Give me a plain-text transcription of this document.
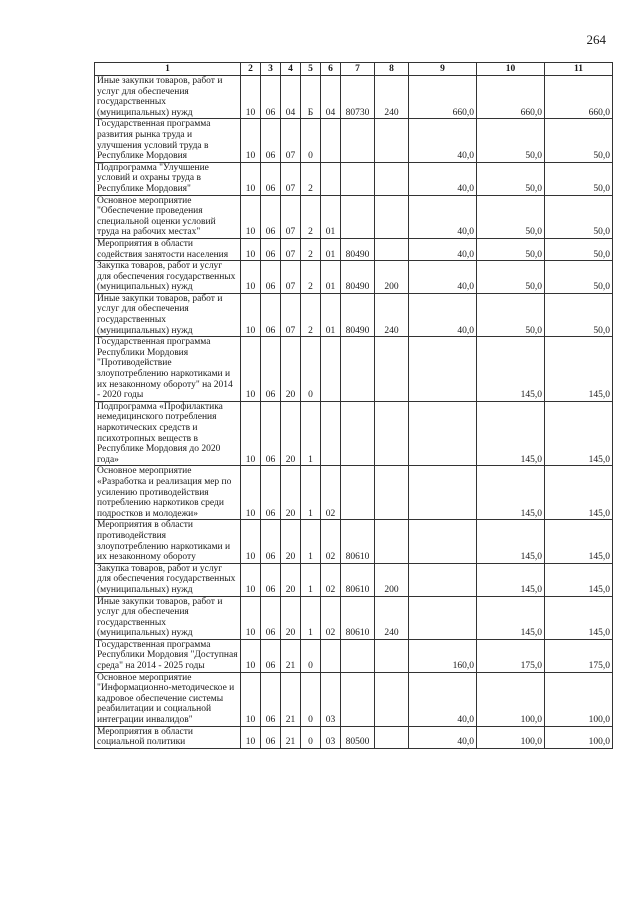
264
1	2	3	4	5	6	7	8	9	10	11
Иные закупки товаров, работ и услуг для обеспечения государственных (муниципальных) нужд	10	06	04	Б	04	80730	240	660,0	660,0	660,0
Государственная программа развития рынка труда и улучшения условий труда в Республике Мордовия	10	06	07	0				40,0	50,0	50,0
Подпрограмма "Улучшение условий и охраны труда в Республике Мордовия"	10	06	07	2				40,0	50,0	50,0
Основное мероприятие "Обеспечение проведения специальной оценки условий труда на рабочих местах"	10	06	07	2	01			40,0	50,0	50,0
Мероприятия в области содействия занятости населения	10	06	07	2	01	80490		40,0	50,0	50,0
Закупка товаров, работ и услуг для обеспечения государственных (муниципальных) нужд	10	06	07	2	01	80490	200	40,0	50,0	50,0
Иные закупки товаров, работ и услуг для обеспечения государственных (муниципальных) нужд	10	06	07	2	01	80490	240	40,0	50,0	50,0
Государственная программа Республики Мордовия "Противодействие злоупотреблению наркотиками и их незаконному обороту" на 2014 - 2020 годы	10	06	20	0					145,0	145,0
Подпрограмма «Профилактика немедицинского потребления наркотических средств и психотропных веществ в Республике Мордовия до 2020 года»	10	06	20	1					145,0	145,0
Основное мероприятие «Разработка и реализация мер по усилению противодействия потреблению наркотиков среди подростков и молодежи»	10	06	20	1	02				145,0	145,0
Мероприятия в области противодействия злоупотреблению наркотиками и их незаконному обороту	10	06	20	1	02	80610			145,0	145,0
Закупка товаров, работ и услуг для обеспечения государственных (муниципальных) нужд	10	06	20	1	02	80610	200		145,0	145,0
Иные закупки товаров, работ и услуг для обеспечения государственных (муниципальных) нужд	10	06	20	1	02	80610	240		145,0	145,0
Государственная программа Республики Мордовия "Доступная среда" на 2014 - 2025 годы	10	06	21	0				160,0	175,0	175,0
Основное мероприятие "Информационно-методическое и кадровое обеспечение системы реабилитации и социальной интеграции инвалидов"	10	06	21	0	03			40,0	100,0	100,0
Мероприятия в области социальной политики	10	06	21	0	03	80500		40,0	100,0	100,0
